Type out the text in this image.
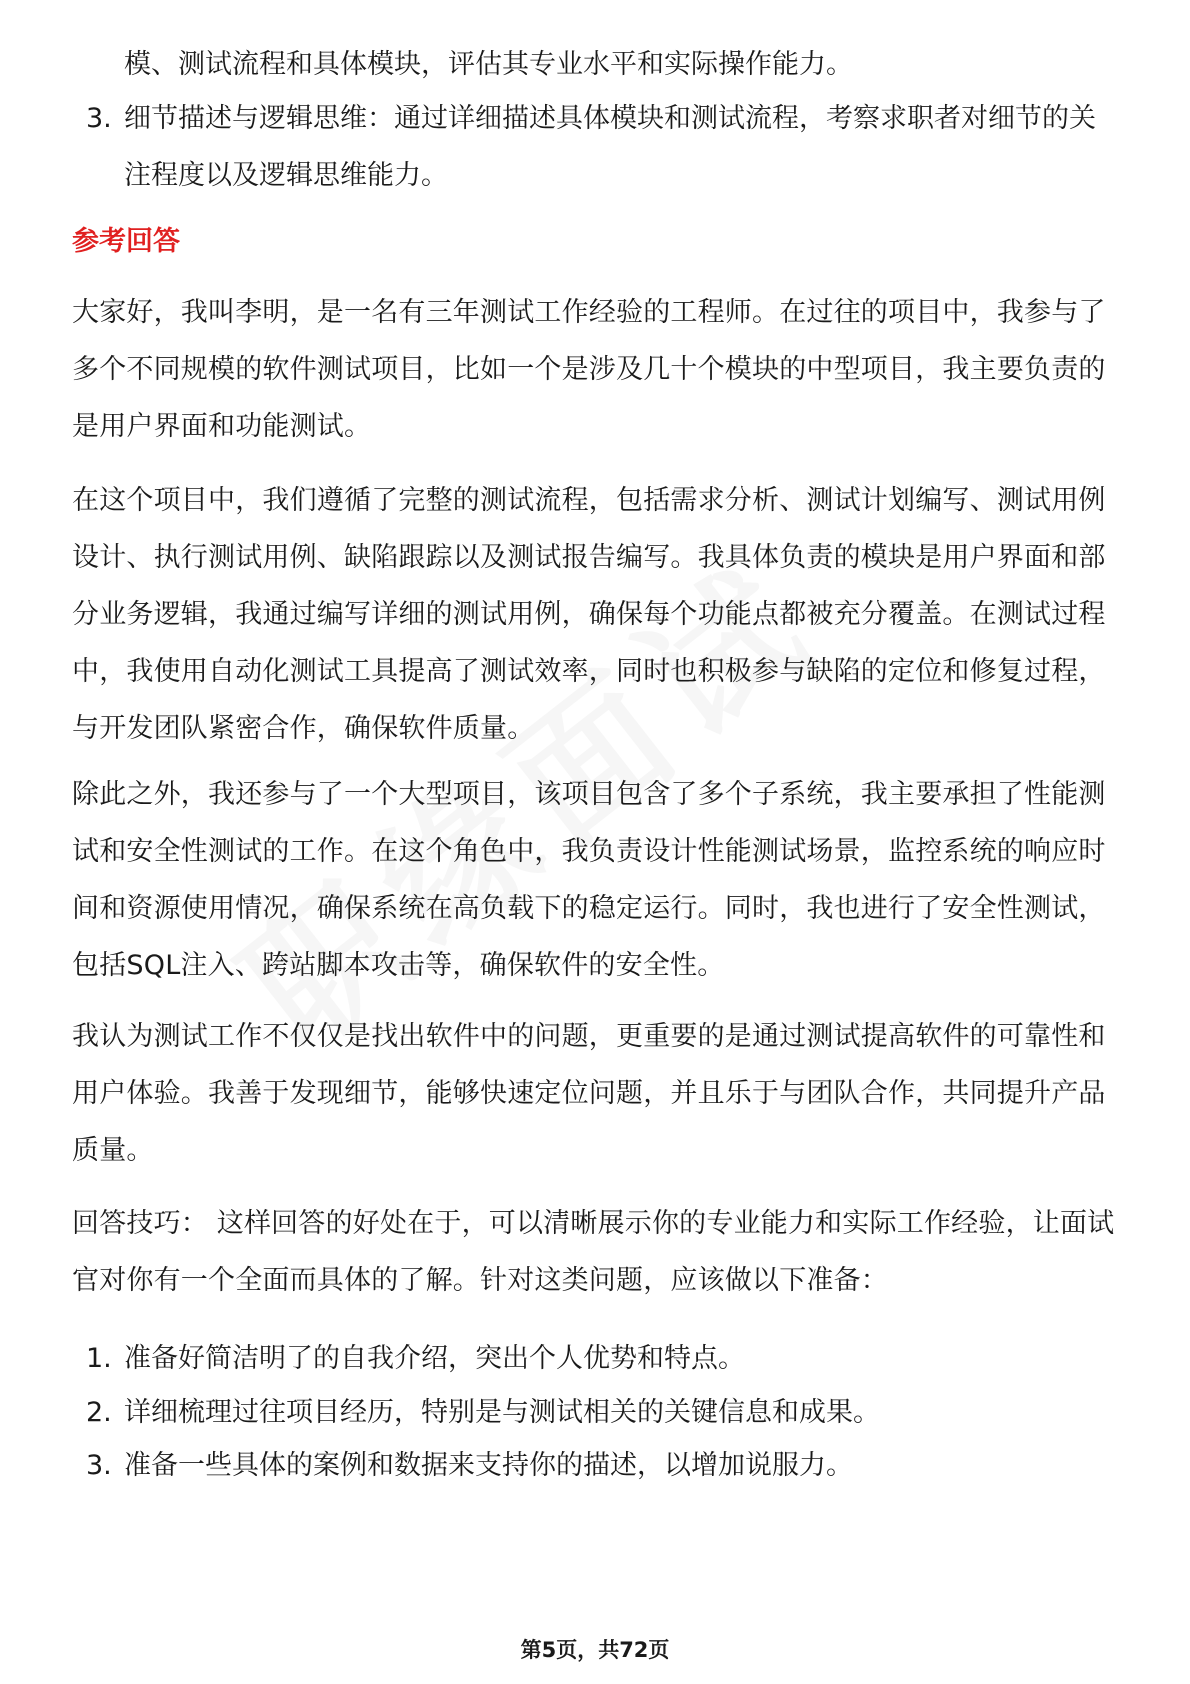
模、测试流程和具体模块，评估其专业水平和实际操作能力。
3. 细节描述与逻辑思维：通过详细描述具体模块和测试流程，考察求职者对细节的关注程度以及逻辑思维能力。
参考回答
大家好，我叫李明，是一名有三年测试工作经验的工程师。在过往的项目中，我参与了多个不同规模的软件测试项目，比如一个是涉及几十个模块的中型项目，我主要负责的是用户界面和功能测试。
在这个项目中，我们遵循了完整的测试流程，包括需求分析、测试计划编写、测试用例设计、执行测试用例、缺陷跟踪以及测试报告编写。我具体负责的模块是用户界面和部分业务逻辑，我通过编写详细的测试用例，确保每个功能点都被充分覆盖。在测试过程中，我使用自动化测试工具提高了测试效率，同时也积极参与缺陷的定位和修复过程，与开发团队紧密合作，确保软件质量。
除此之外，我还参与了一个大型项目，该项目包含了多个子系统，我主要承担了性能测试和安全性测试的工作。在这个角色中，我负责设计性能测试场景，监控系统的响应时间和资源使用情况，确保系统在高负载下的稳定运行。同时，我也进行了安全性测试，包括SQL注入、跨站脚本攻击等，确保软件的安全性。
我认为测试工作不仅仅是找出软件中的问题，更重要的是通过测试提高软件的可靠性和用户体验。我善于发现细节，能够快速定位问题，并且乐于与团队合作，共同提升产品质量。
回答技巧： 这样回答的好处在于，可以清晰展示你的专业能力和实际工作经验，让面试官对你有一个全面而具体的了解。针对这类问题，应该做以下准备：
1. 准备好简洁明了的自我介绍，突出个人优势和特点。
2. 详细梳理过往项目经历，特别是与测试相关的关键信息和成果。
3. 准备一些具体的案例和数据来支持你的描述，以增加说服力。
第5页，共72页
